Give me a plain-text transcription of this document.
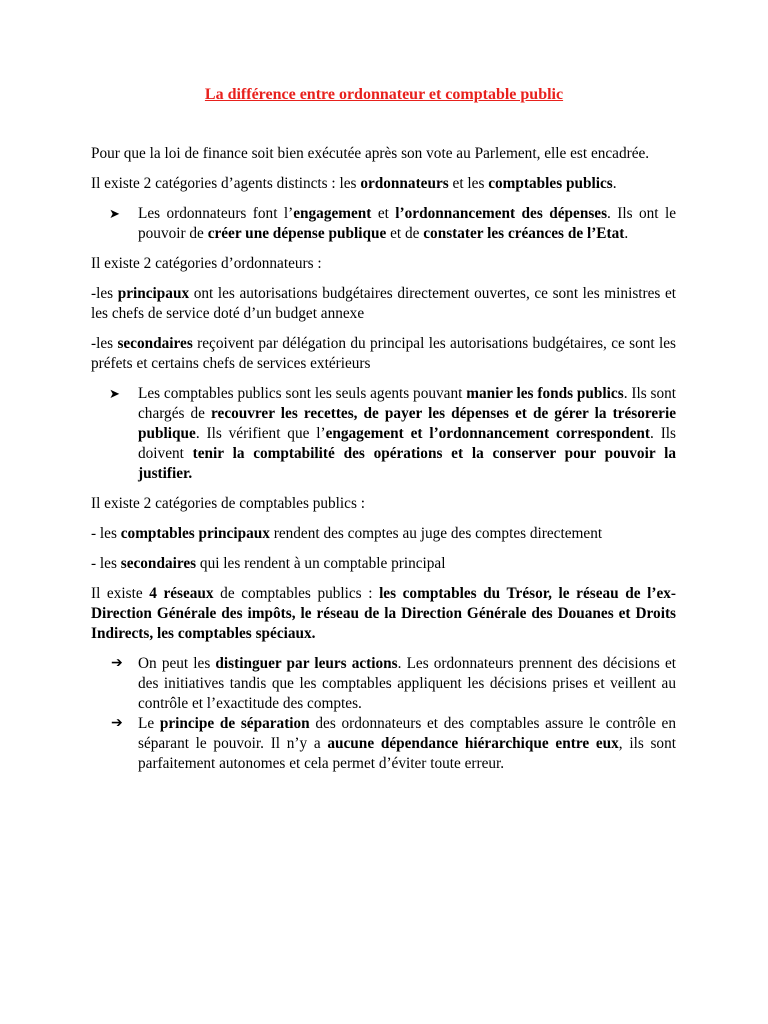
La différence entre ordonnateur et comptable public

Pour que la loi de finance soit bien exécutée après son vote au Parlement, elle est encadrée.

Il existe 2 catégories d’agents distincts : les ordonnateurs et les comptables publics.

➤ Les ordonnateurs font l’engagement et l’ordonnancement des dépenses. Ils ont le pouvoir de créer une dépense publique et de constater les créances de l’Etat.

Il existe 2 catégories d’ordonnateurs :

-les principaux ont les autorisations budgétaires directement ouvertes, ce sont les ministres et les chefs de service doté d’un budget annexe

-les secondaires reçoivent par délégation du principal les autorisations budgétaires, ce sont les préfets et certains chefs de services extérieurs

➤ Les comptables publics sont les seuls agents pouvant manier les fonds publics. Ils sont chargés de recouvrer les recettes, de payer les dépenses et de gérer la trésorerie publique. Ils vérifient que l’engagement et l’ordonnancement correspondent. Ils doivent tenir la comptabilité des opérations et la conserver pour pouvoir la justifier.

Il existe 2 catégories de comptables publics :

- les comptables principaux rendent des comptes au juge des comptes directement

- les secondaires qui les rendent à un comptable principal

Il existe 4 réseaux de comptables publics : les comptables du Trésor, le réseau de l’ex-Direction Générale des impôts, le réseau de la Direction Générale des Douanes et Droits Indirects, les comptables spéciaux.

➔ On peut les distinguer par leurs actions. Les ordonnateurs prennent des décisions et des initiatives tandis que les comptables appliquent les décisions prises et veillent au contrôle et l’exactitude des comptes.
➔ Le principe de séparation des ordonnateurs et des comptables assure le contrôle en séparant le pouvoir. Il n’y a aucune dépendance hiérarchique entre eux, ils sont parfaitement autonomes et cela permet d’éviter toute erreur.
